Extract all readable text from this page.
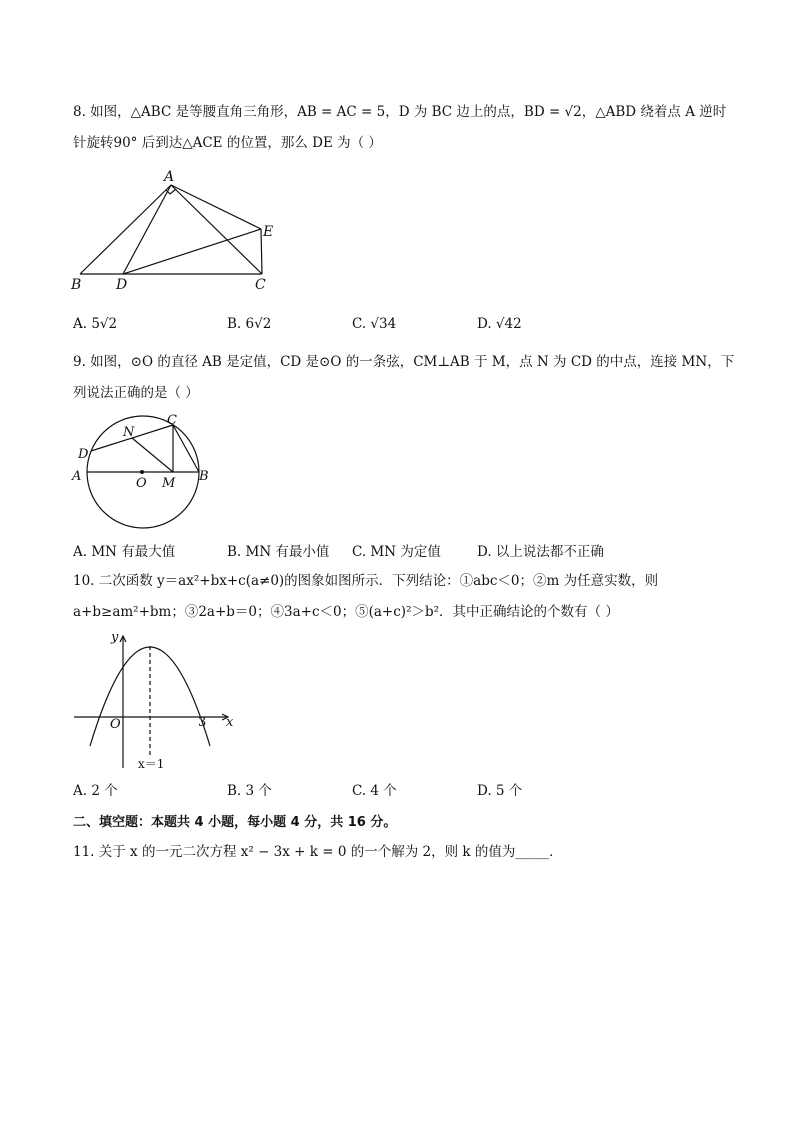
8. 如图，△ABC 是等腰直角三角形，AB = AC = 5，D 为 BC 边上的点，BD = √2，△ABD 绕着点 A 逆时
针旋转90° 后到达△ACE 的位置，那么 DE 为（ ）
A
B D	C
E
A. 5√2	B. 6√2	C. √34	D. √42
9. 如图，⊙O 的直径 AB 是定值，CD 是⊙O 的一条弦，CM⊥AB 于 M，点 N 为 CD 的中点，连接 MN，下
列说法正确的是（ ）
C
N
D
A	O M B
A. MN 有最大值	B. MN 有最小值 C. MN 为定值	D. 以上说法都不正确
10. 二次函数 y＝ax²+bx+c(a≠0)的图象如图所示．下列结论：①abc＜0；②m 为任意实数，则
a+b≥am²+bm；③2a+b＝0；④3a+c＜0；⑤(a+c)²＞b²．其中正确结论的个数有（ ）
y
x
O	3
x＝1
A. 2 个	B. 3 个	C. 4 个	D. 5 个
二、填空题：本题共 4 小题，每小题 4 分，共 16 分。
11. 关于 x 的一元二次方程 x² − 3x + k = 0 的一个解为 2，则 k 的值为_____．
